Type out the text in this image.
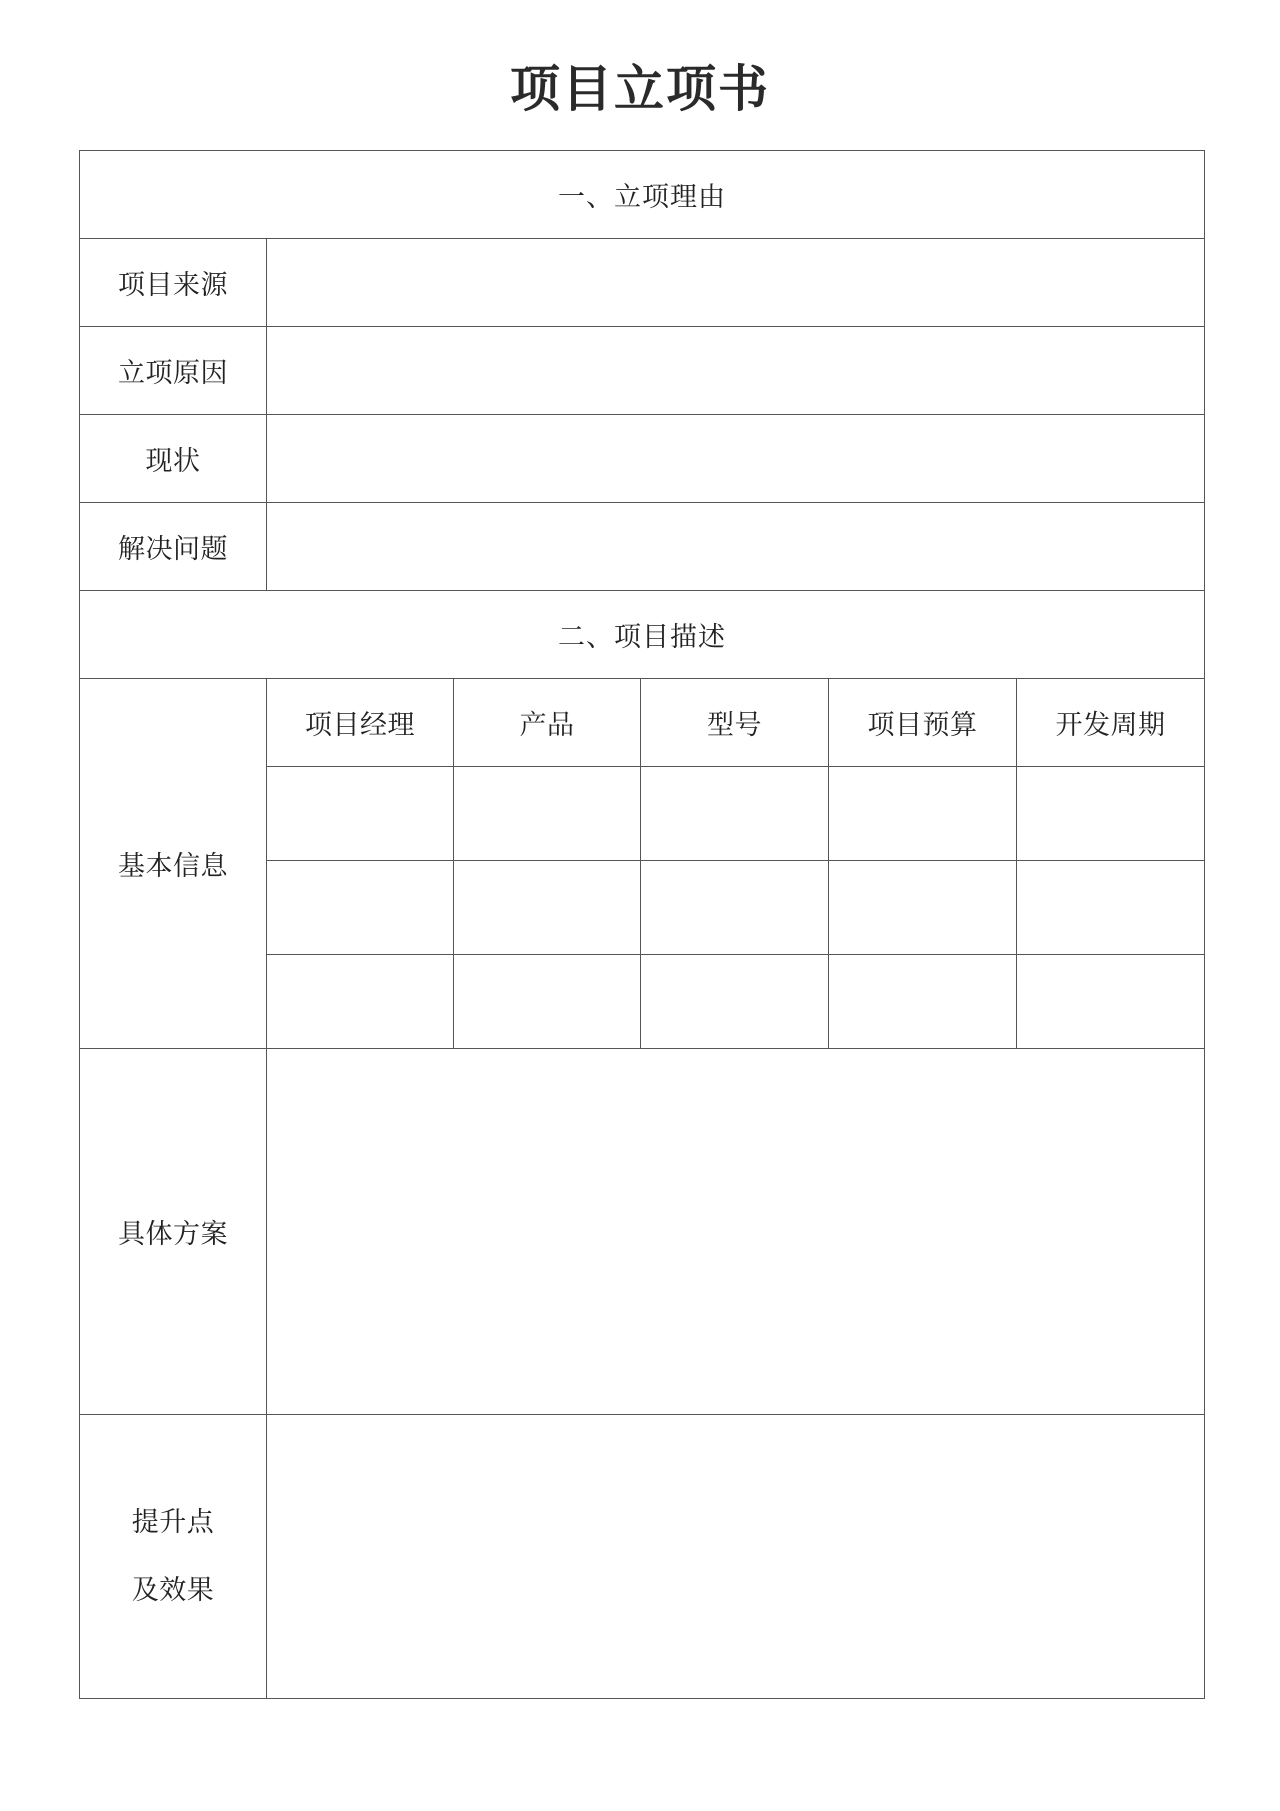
项目立项书
一、立项理由					
项目来源					
立项原因					
现状					
解决问题					
二、项目描述					
基本信息	项目经理	产品	型号	项目预算	开发周期

具体方案					

提升点
及效果					
